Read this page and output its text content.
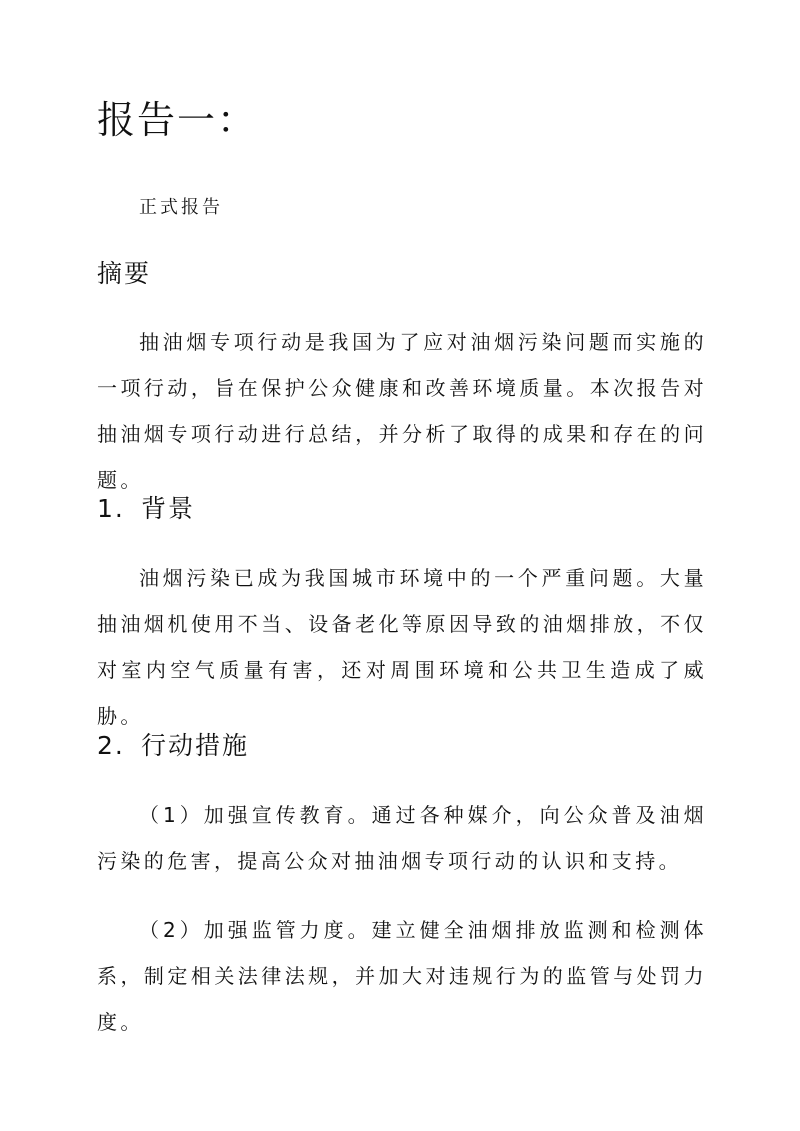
报告一：

正式报告

摘要

抽油烟专项行动是我国为了应对油烟污染问题而实施的一项行动，旨在保护公众健康和改善环境质量。本次报告对抽油烟专项行动进行总结，并分析了取得的成果和存在的问题。

1. 背景

油烟污染已成为我国城市环境中的一个严重问题。大量抽油烟机使用不当、设备老化等原因导致的油烟排放，不仅对室内空气质量有害，还对周围环境和公共卫生造成了威胁。

2. 行动措施

（1）加强宣传教育。通过各种媒介，向公众普及油烟污染的危害，提高公众对抽油烟专项行动的认识和支持。

（2）加强监管力度。建立健全油烟排放监测和检测体系，制定相关法律法规，并加大对违规行为的监管与处罚力度。
